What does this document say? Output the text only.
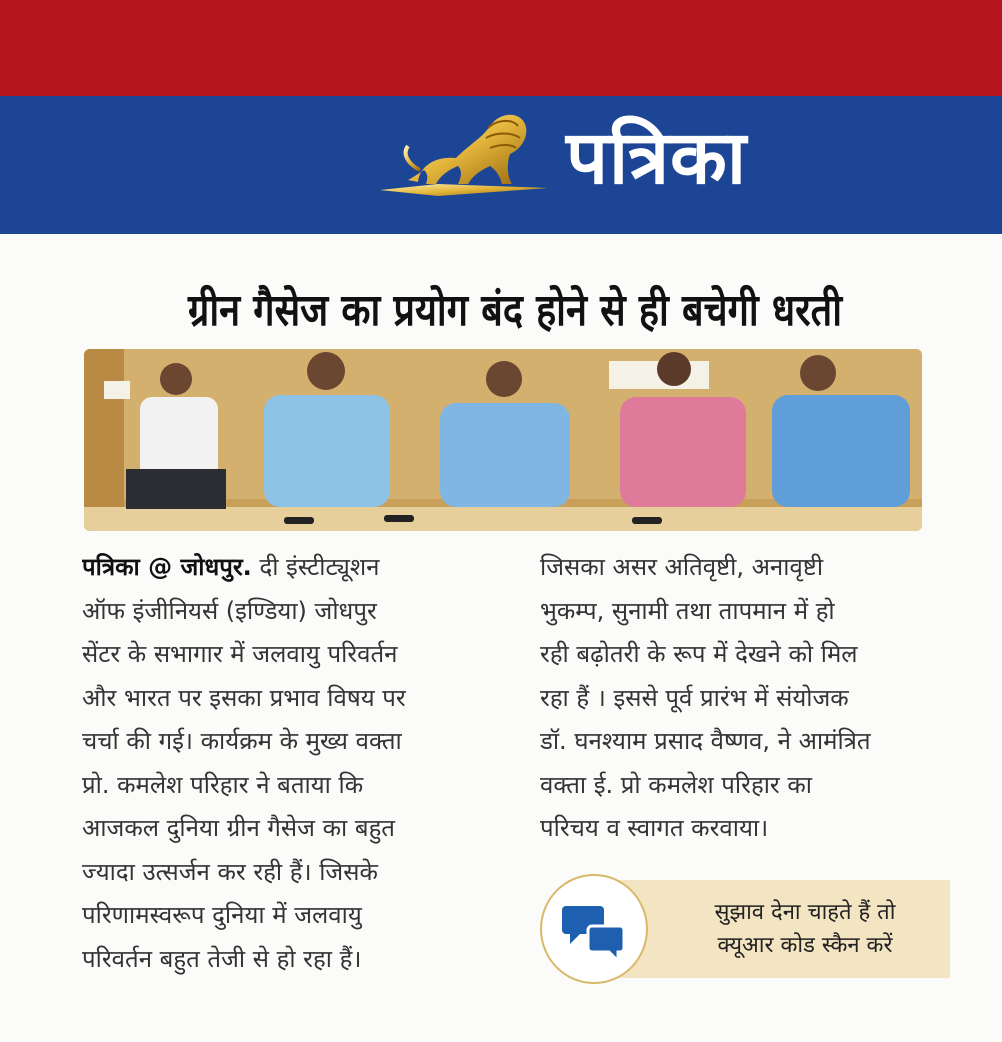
पत्रिका
ग्रीन गैसेज का प्रयोग बंद होने से ही बचेगी धरती
पत्रिका @ जोधपुर. दी इंस्टीट्यूशन
ऑफ इंजीनियर्स (इण्डिया) जोधपुर
सेंटर के सभागार में जलवायु परिवर्तन
और भारत पर इसका प्रभाव विषय पर
चर्चा की गई। कार्यक्रम के मुख्य वक्ता
प्रो. कमलेश परिहार ने बताया कि
आजकल दुनिया ग्रीन गैसेज का बहुत
ज्यादा उत्सर्जन कर रही हैं। जिसके
परिणामस्वरूप दुनिया में जलवायु
परिवर्तन बहुत तेजी से हो रहा हैं।
जिसका असर अतिवृष्टी, अनावृष्टी
भुकम्प, सुनामी तथा तापमान में हो
रही बढ़ोतरी के रूप में देखने को मिल
रहा हैं । इससे पूर्व प्रारंभ में संयोजक
डॉ. घनश्याम प्रसाद वैष्णव, ने आमंत्रित
वक्ता ई. प्रो कमलेश परिहार का
परिचय व स्वागत करवाया।
सुझाव देना चाहते हैं तो
क्यूआर कोड स्कैन करें
